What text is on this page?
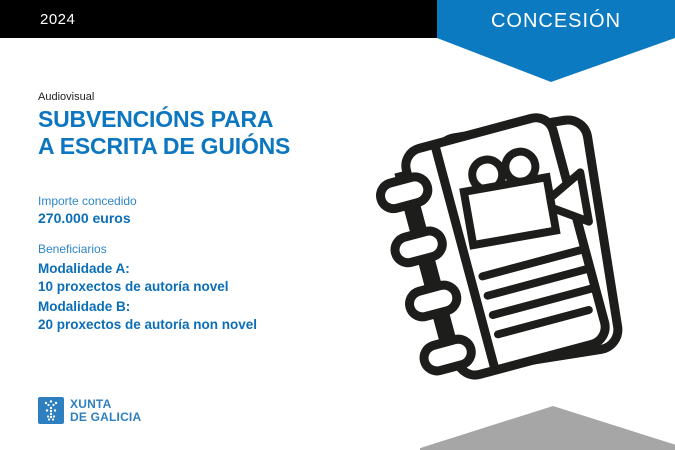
2024	CONCESIÓN
Audiovisual
SUBVENCIÓNS PARA
A ESCRITA DE GUIÓNS
Importe concedido
270.000 euros
Beneficiarios
Modalidade A:
10 proxectos de autoría novel
Modalidade B:
20 proxectos de autoría non novel
XUNTA
DE GALICIA
